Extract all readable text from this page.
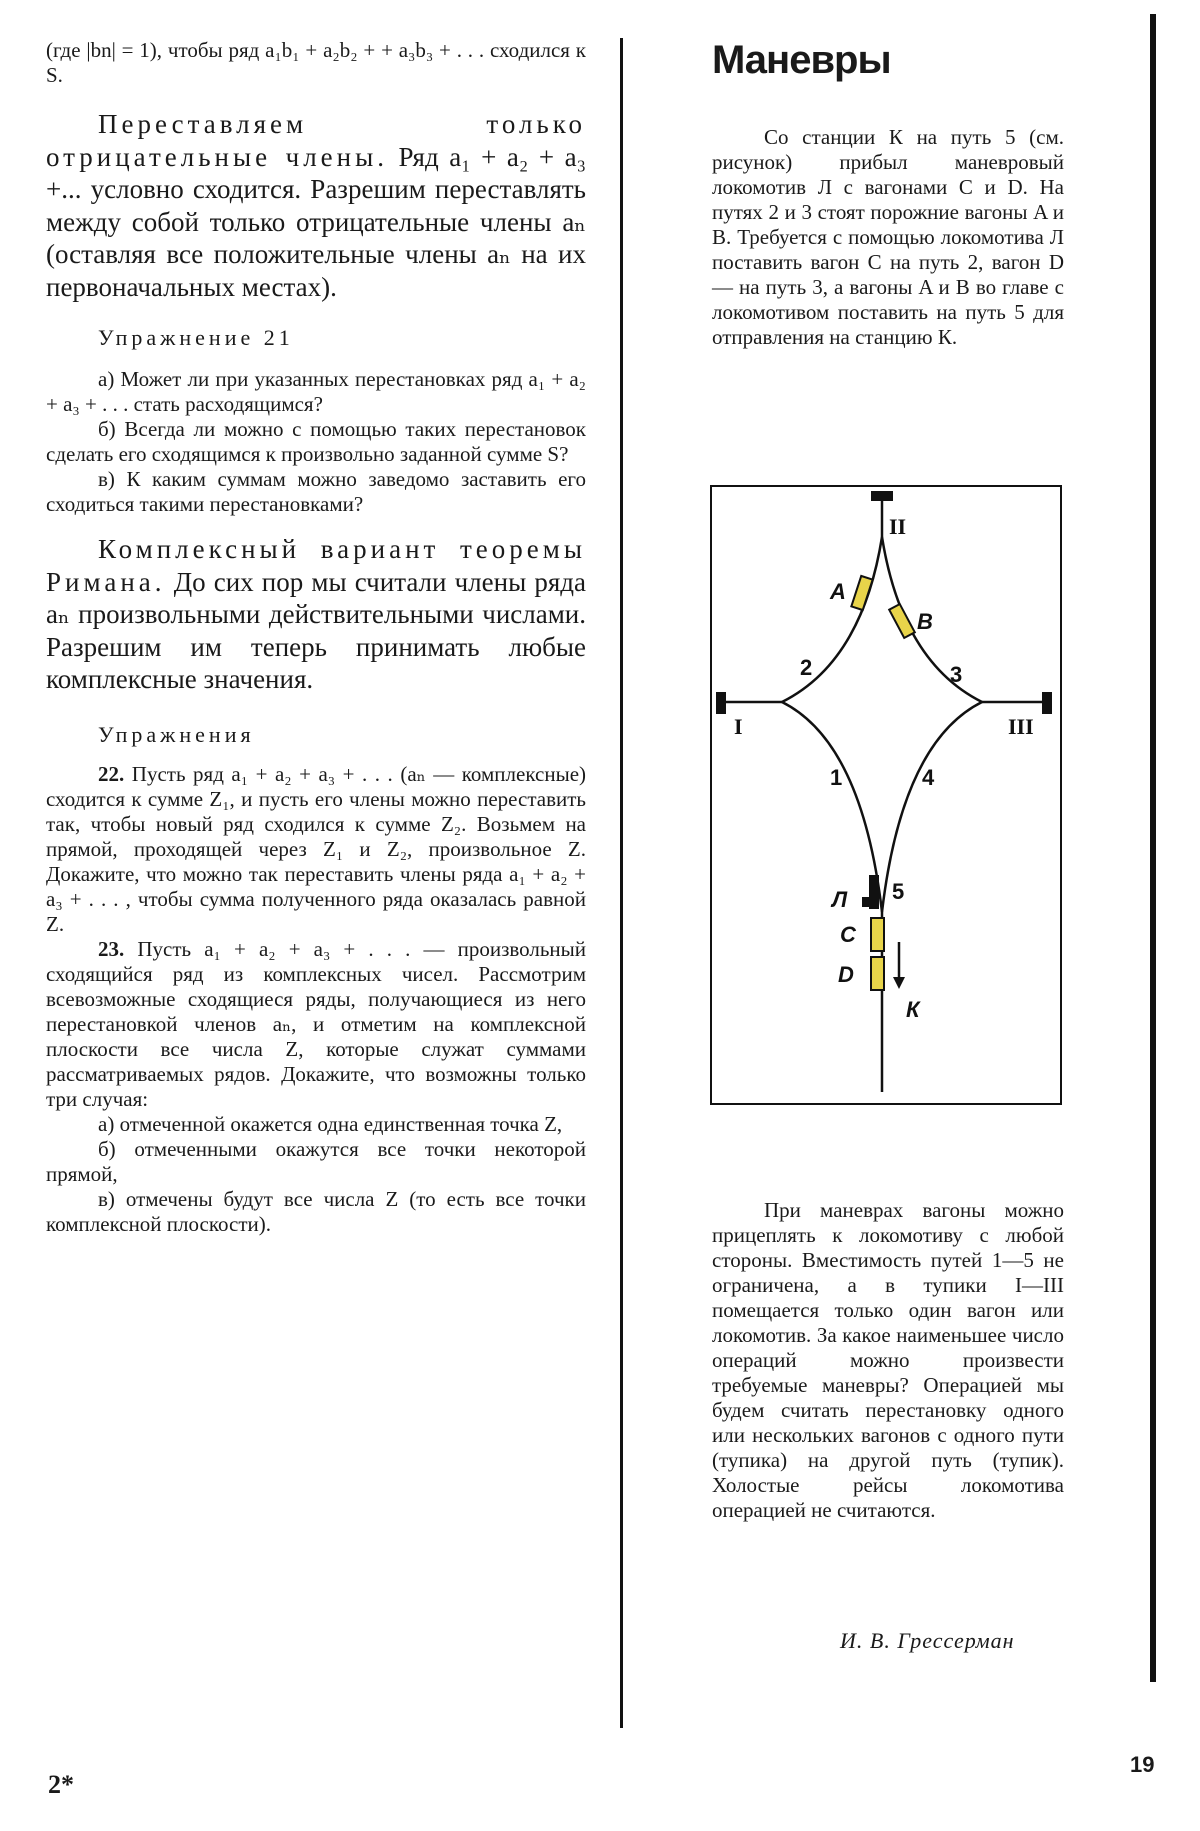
(где |bn| = 1), чтобы ряд a₁b₁ + a₂b₂ + + a₃b₃ + . . . сходился к S.

Переставляем только отрицательные члены. Ряд a₁ + a₂ + a₃ +... условно сходится. Разрешим переставлять между собой только отрицательные члены aₙ (оставляя все положительные члены aₙ на их первоначальных местах).

Упражнение 21

а) Может ли при указанных перестановках ряд a₁ + a₂ + a₃ + . . . стать расходящимся?

б) Всегда ли можно с помощью таких перестановок сделать его сходящимся к произвольно заданной сумме S?

в) К каким суммам можно заведомо заставить его сходиться такими перестановками?

Комплексный вариант теоремы Римана. До сих пор мы считали члены ряда aₙ произвольными действительными числами. Разрешим им теперь принимать любые комплексные значения.

Упражнения

22. Пусть ряд a₁ + a₂ + a₃ + . . . (aₙ — комплексные) сходится к сумме Z₁, и пусть его члены можно переставить так, чтобы новый ряд сходился к сумме Z₂. Возьмем на прямой, проходящей через Z₁ и Z₂, произвольное Z. Докажите, что можно так переставить члены ряда a₁ + a₂ + a₃ + . . . , чтобы сумма полученного ряда оказалась равной Z.

23. Пусть a₁ + a₂ + a₃ + . . . — произвольный сходящийся ряд из комплексных чисел. Рассмотрим всевозможные сходящиеся ряды, получающиеся из него перестановкой членов aₙ, и отметим на комплексной плоскости все числа Z, которые служат суммами рассматриваемых рядов. Докажите, что возможны только три случая:

а) отмеченной окажется одна единственная точка Z,

б) отмеченными окажутся все точки некоторой прямой,

в) отмечены будут все числа Z (то есть все точки комплексной плоскости).

Маневры

Со станции К на путь 5 (см. рисунок) прибыл маневровый локомотив Л с вагонами C и D. На путях 2 и 3 стоят порожние вагоны A и B. Требуется с помощью локомотива Л поставить вагон C на путь 2, вагон D — на путь 3, а вагоны A и B во главе с локомотивом поставить на путь 5 для отправления на станцию К.

II
I	III
2	3
1	4
5
A
B
Л
C
D
К

При маневрах вагоны можно прицеплять к локомотиву с любой стороны. Вместимость путей 1—5 не ограничена, а в тупики I—III помещается только один вагон или локомотив. За какое наименьшее число операций можно произвести требуемые маневры? Операцией мы будем считать перестановку одного или нескольких вагонов с одного пути (тупика) на другой путь (тупик). Холостые рейсы локомотива операцией не считаются.

И. В. Грессерман

2*
19
